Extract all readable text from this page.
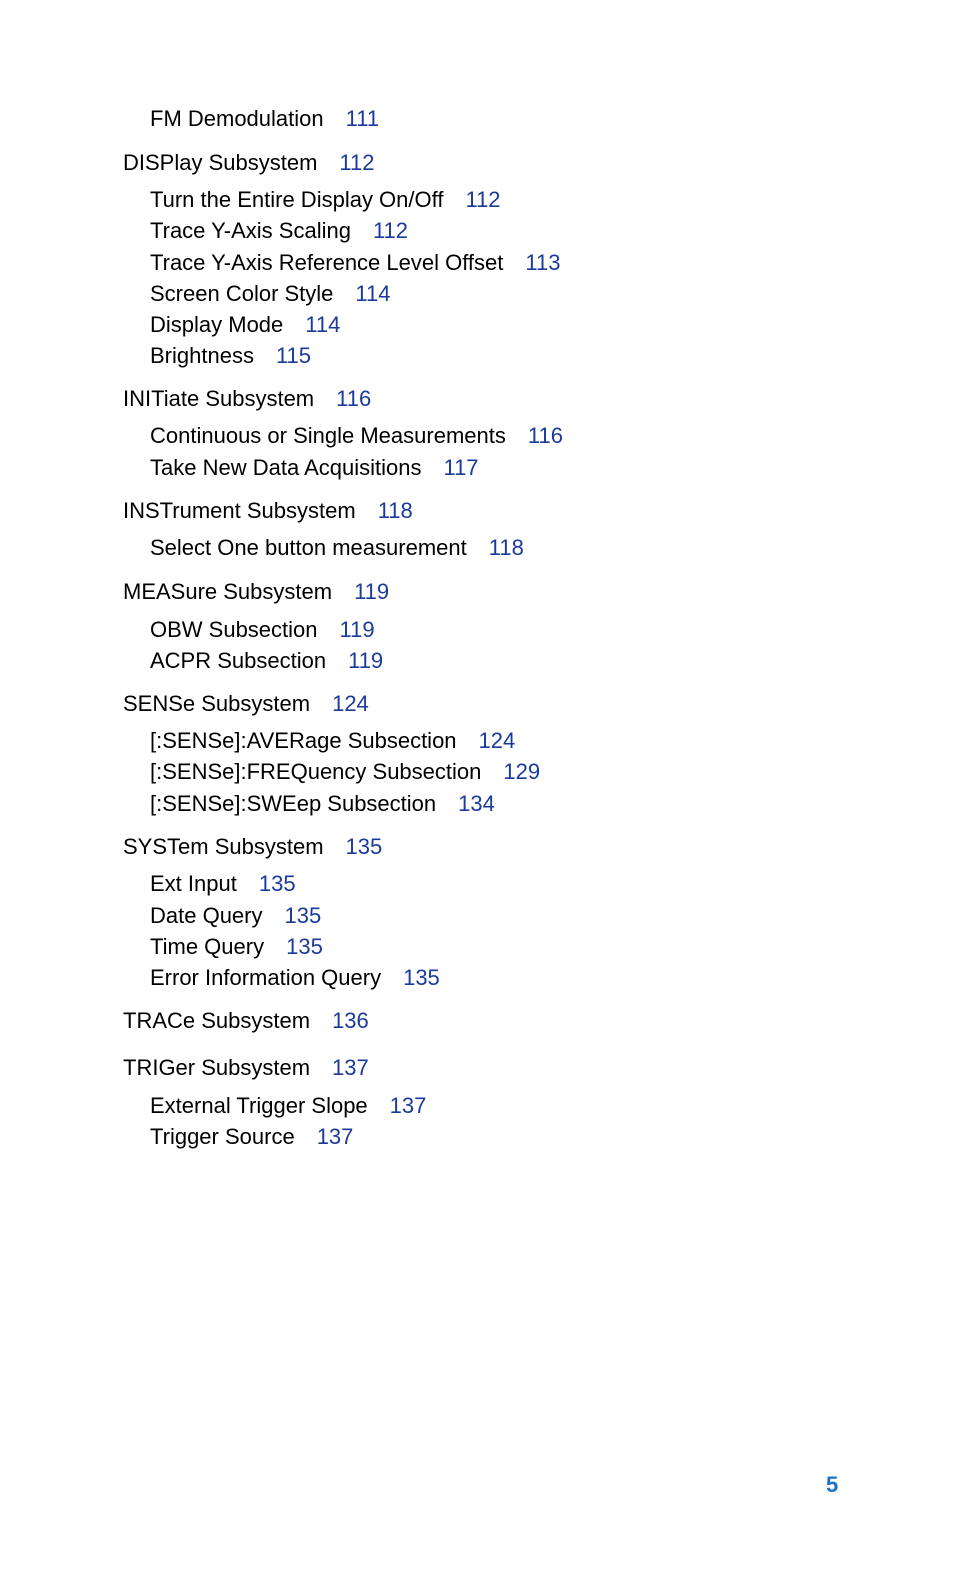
FM Demodulation 111
DISPlay Subsystem 112
Turn the Entire Display On/Off 112
Trace Y-Axis Scaling 112
Trace Y-Axis Reference Level Offset 113
Screen Color Style 114
Display Mode 114
Brightness 115
INITiate Subsystem 116
Continuous or Single Measurements 116
Take New Data Acquisitions 117
INSTrument Subsystem 118
Select One button measurement 118
MEASure Subsystem 119
OBW Subsection 119
ACPR Subsection 119
SENSe Subsystem 124
[:SENSe]:AVERage Subsection 124
[:SENSe]:FREQuency Subsection 129
[:SENSe]:SWEep Subsection 134
SYSTem Subsystem 135
Ext Input 135
Date Query 135
Time Query 135
Error Information Query 135
TRACe Subsystem 136
TRIGer Subsystem 137
External Trigger Slope 137
Trigger Source 137
5
